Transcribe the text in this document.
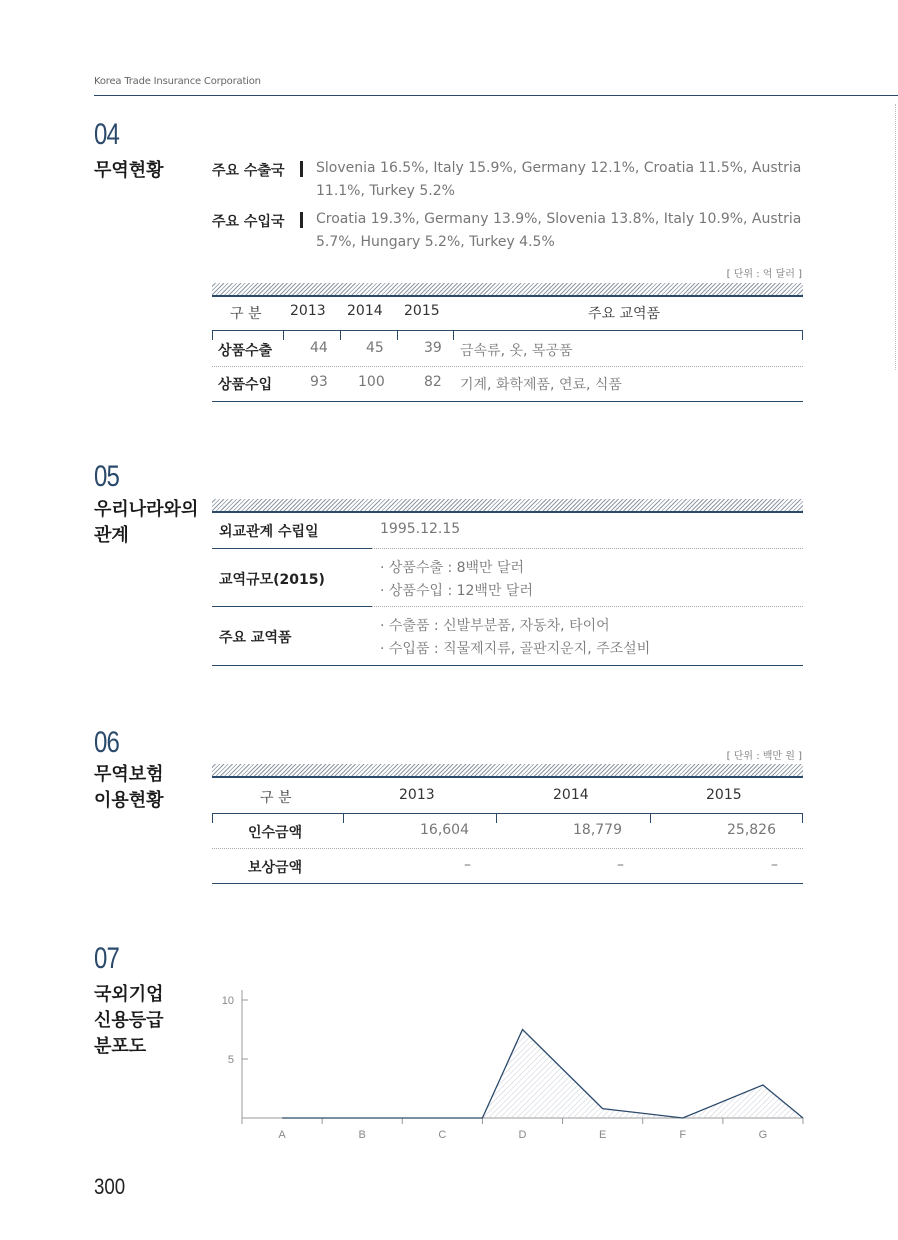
Korea Trade Insurance Corporation
04
무역현황	주요 수출국 Slovenia 16.5%, Italy 15.9%, Germany 12.1%, Croatia 11.5%, Austria
11.1%, Turkey 5.2%
주요 수입국 Croatia 19.3%, Germany 13.9%, Slovenia 13.8%, Italy 10.9%, Austria
5.7%, Hungary 5.2%, Turkey 4.5%
[ 단위 : 억 달러 ]
구 분 2013 2014 2015	주요 교역품
상품수출	44	45	39 금속류, 옷, 목공품
상품수입	93 100	82 기계, 화학제품, 연료, 식품
05
우리나라와의
관계	외교관계 수립일	1995.12.15
교역규모(2015)
· 상품수출 : 8백만 달러
· 상품수입 : 12백만 달러
주요 교역품
· 수출품 : 신발부분품, 자동차, 타이어
· 수입품 : 직물제지류, 골판지운지, 주조설비
06
무역보험
이용현황
[ 단위 : 백만 원 ]
구 분	2013	2014	2015
인수금액	16,604	18,779	25,826
보상금액	–	–	–
07
국외기업
신용등급
분포도
5
10
A	B	C	D	E	F	G
300
